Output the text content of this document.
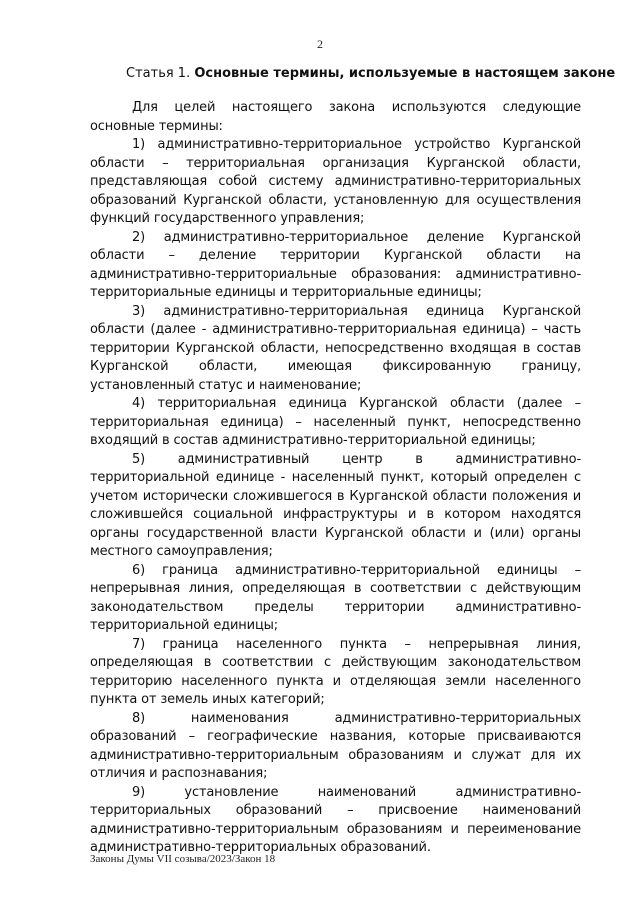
2
Статья 1. Основные термины, используемые в настоящем законе

Для целей настоящего закона используются следующие основные термины:

1) административно-территориальное устройство Курганской области – территориальная организация Курганской области, представляющая собой систему административно-территориальных образований Курганской области, установленную для осуществления функций государственного управления;

2) административно-территориальное деление Курганской области – деление территории Курганской области на административно-территориальные образования: административно-территориальные единицы и территориальные единицы;

3) административно-территориальная единица Курганской области (далее - административно-территориальная единица) – часть территории Курганской области, непосредственно входящая в состав Курганской области, имеющая фиксированную границу, установленный статус и наименование;

4) территориальная единица Курганской области (далее – территориальная единица) – населенный пункт, непосредственно входящий в состав административно-территориальной единицы;

5) административный центр в административно-территориальной единице - населенный пункт, который определен с учетом исторически сложившегося в Курганской области положения и сложившейся социальной инфраструктуры и в котором находятся органы государственной власти Курганской области и (или) органы местного самоуправления;

6) граница административно-территориальной единицы – непрерывная линия, определяющая в соответствии с действующим законодательством пределы территории административно-территориальной единицы;

7) граница населенного пункта – непрерывная линия, определяющая в соответствии с действующим законодательством территорию населенного пункта и отделяющая земли населенного пункта от земель иных категорий;

8) наименования административно-территориальных образований – географические названия, которые присваиваются административно-территориальным образованиям и служат для их отличия и распознавания;

9) установление наименований административно-территориальных образований – присвоение наименований административно-территориальным образованиям и переименование административно-территориальных образований.

Законы Думы VII созыва/2023/Закон 18
